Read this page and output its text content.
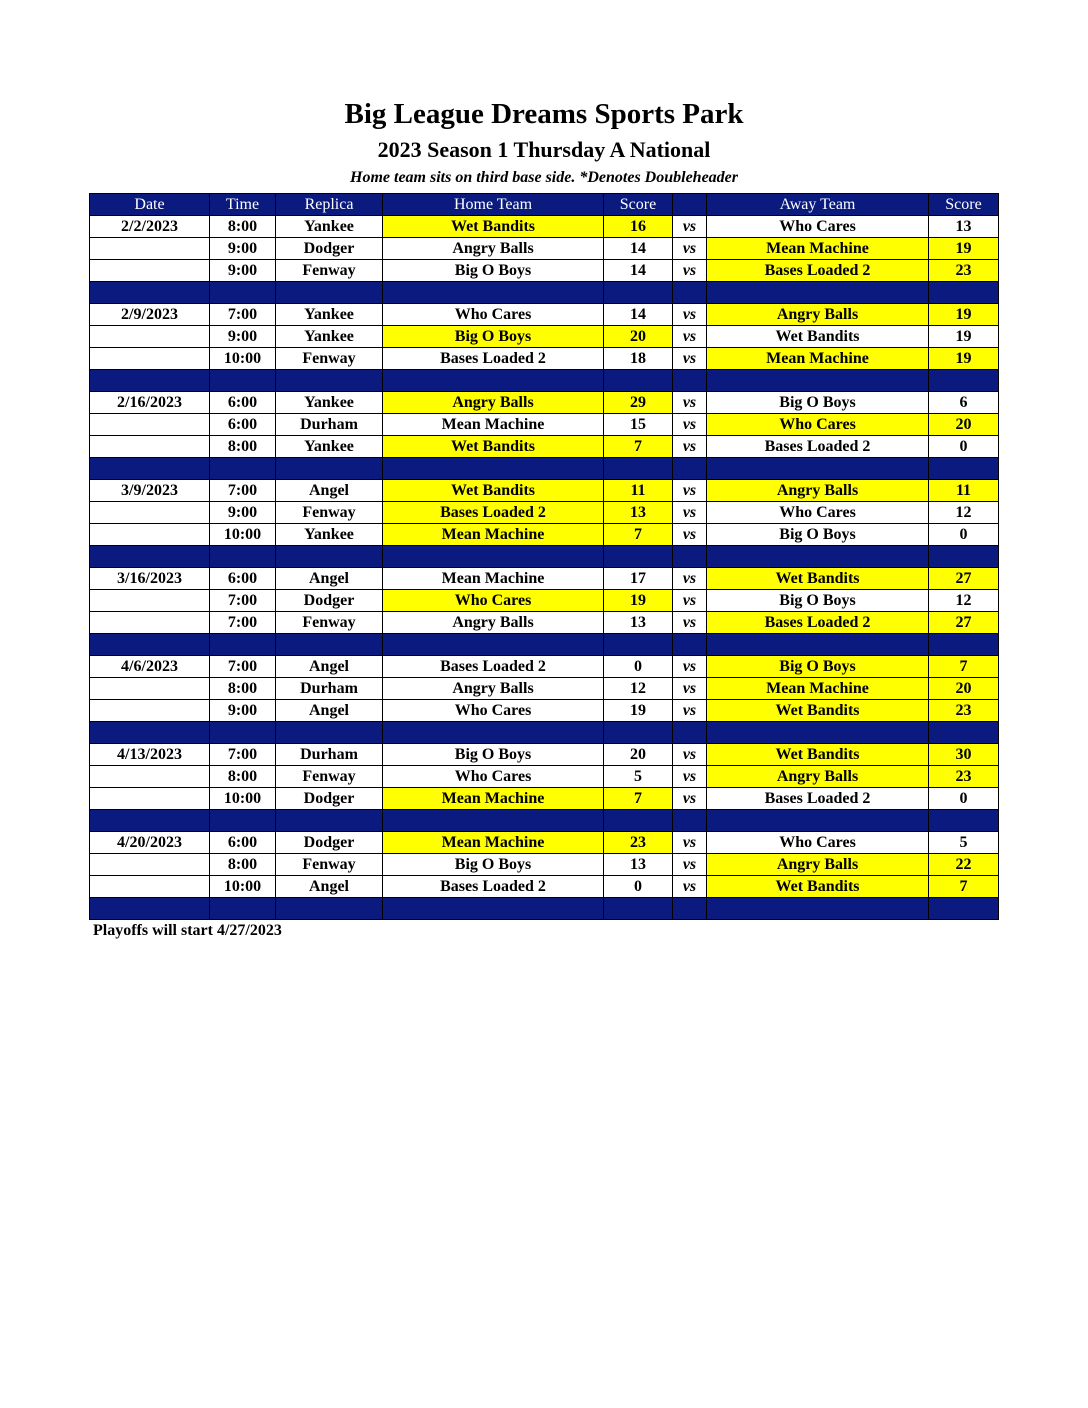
Big League Dreams Sports Park
2023 Season 1 Thursday A National
Home team sits on third base side. *Denotes Doubleheader
Date	Time	Replica	Home Team	Score		Away Team	Score
2/2/2023	8:00	Yankee	Wet Bandits	16	vs	Who Cares	13
	9:00	Dodger	Angry Balls	14	vs	Mean Machine	19
	9:00	Fenway	Big O Boys	14	vs	Bases Loaded 2	23

2/9/2023	7:00	Yankee	Who Cares	14	vs	Angry Balls	19
	9:00	Yankee	Big O Boys	20	vs	Wet Bandits	19
	10:00	Fenway	Bases Loaded 2	18	vs	Mean Machine	19

2/16/2023	6:00	Yankee	Angry Balls	29	vs	Big O Boys	6
	6:00	Durham	Mean Machine	15	vs	Who Cares	20
	8:00	Yankee	Wet Bandits	7	vs	Bases Loaded 2	0

3/9/2023	7:00	Angel	Wet Bandits	11	vs	Angry Balls	11
	9:00	Fenway	Bases Loaded 2	13	vs	Who Cares	12
	10:00	Yankee	Mean Machine	7	vs	Big O Boys	0

3/16/2023	6:00	Angel	Mean Machine	17	vs	Wet Bandits	27
	7:00	Dodger	Who Cares	19	vs	Big O Boys	12
	7:00	Fenway	Angry Balls	13	vs	Bases Loaded 2	27

4/6/2023	7:00	Angel	Bases Loaded 2	0	vs	Big O Boys	7
	8:00	Durham	Angry Balls	12	vs	Mean Machine	20
	9:00	Angel	Who Cares	19	vs	Wet Bandits	23

4/13/2023	7:00	Durham	Big O Boys	20	vs	Wet Bandits	30
	8:00	Fenway	Who Cares	5	vs	Angry Balls	23
	10:00	Dodger	Mean Machine	7	vs	Bases Loaded 2	0

4/20/2023	6:00	Dodger	Mean Machine	23	vs	Who Cares	5
	8:00	Fenway	Big O Boys	13	vs	Angry Balls	22
	10:00	Angel	Bases Loaded 2	0	vs	Wet Bandits	7

Playoffs will start 4/27/2023
